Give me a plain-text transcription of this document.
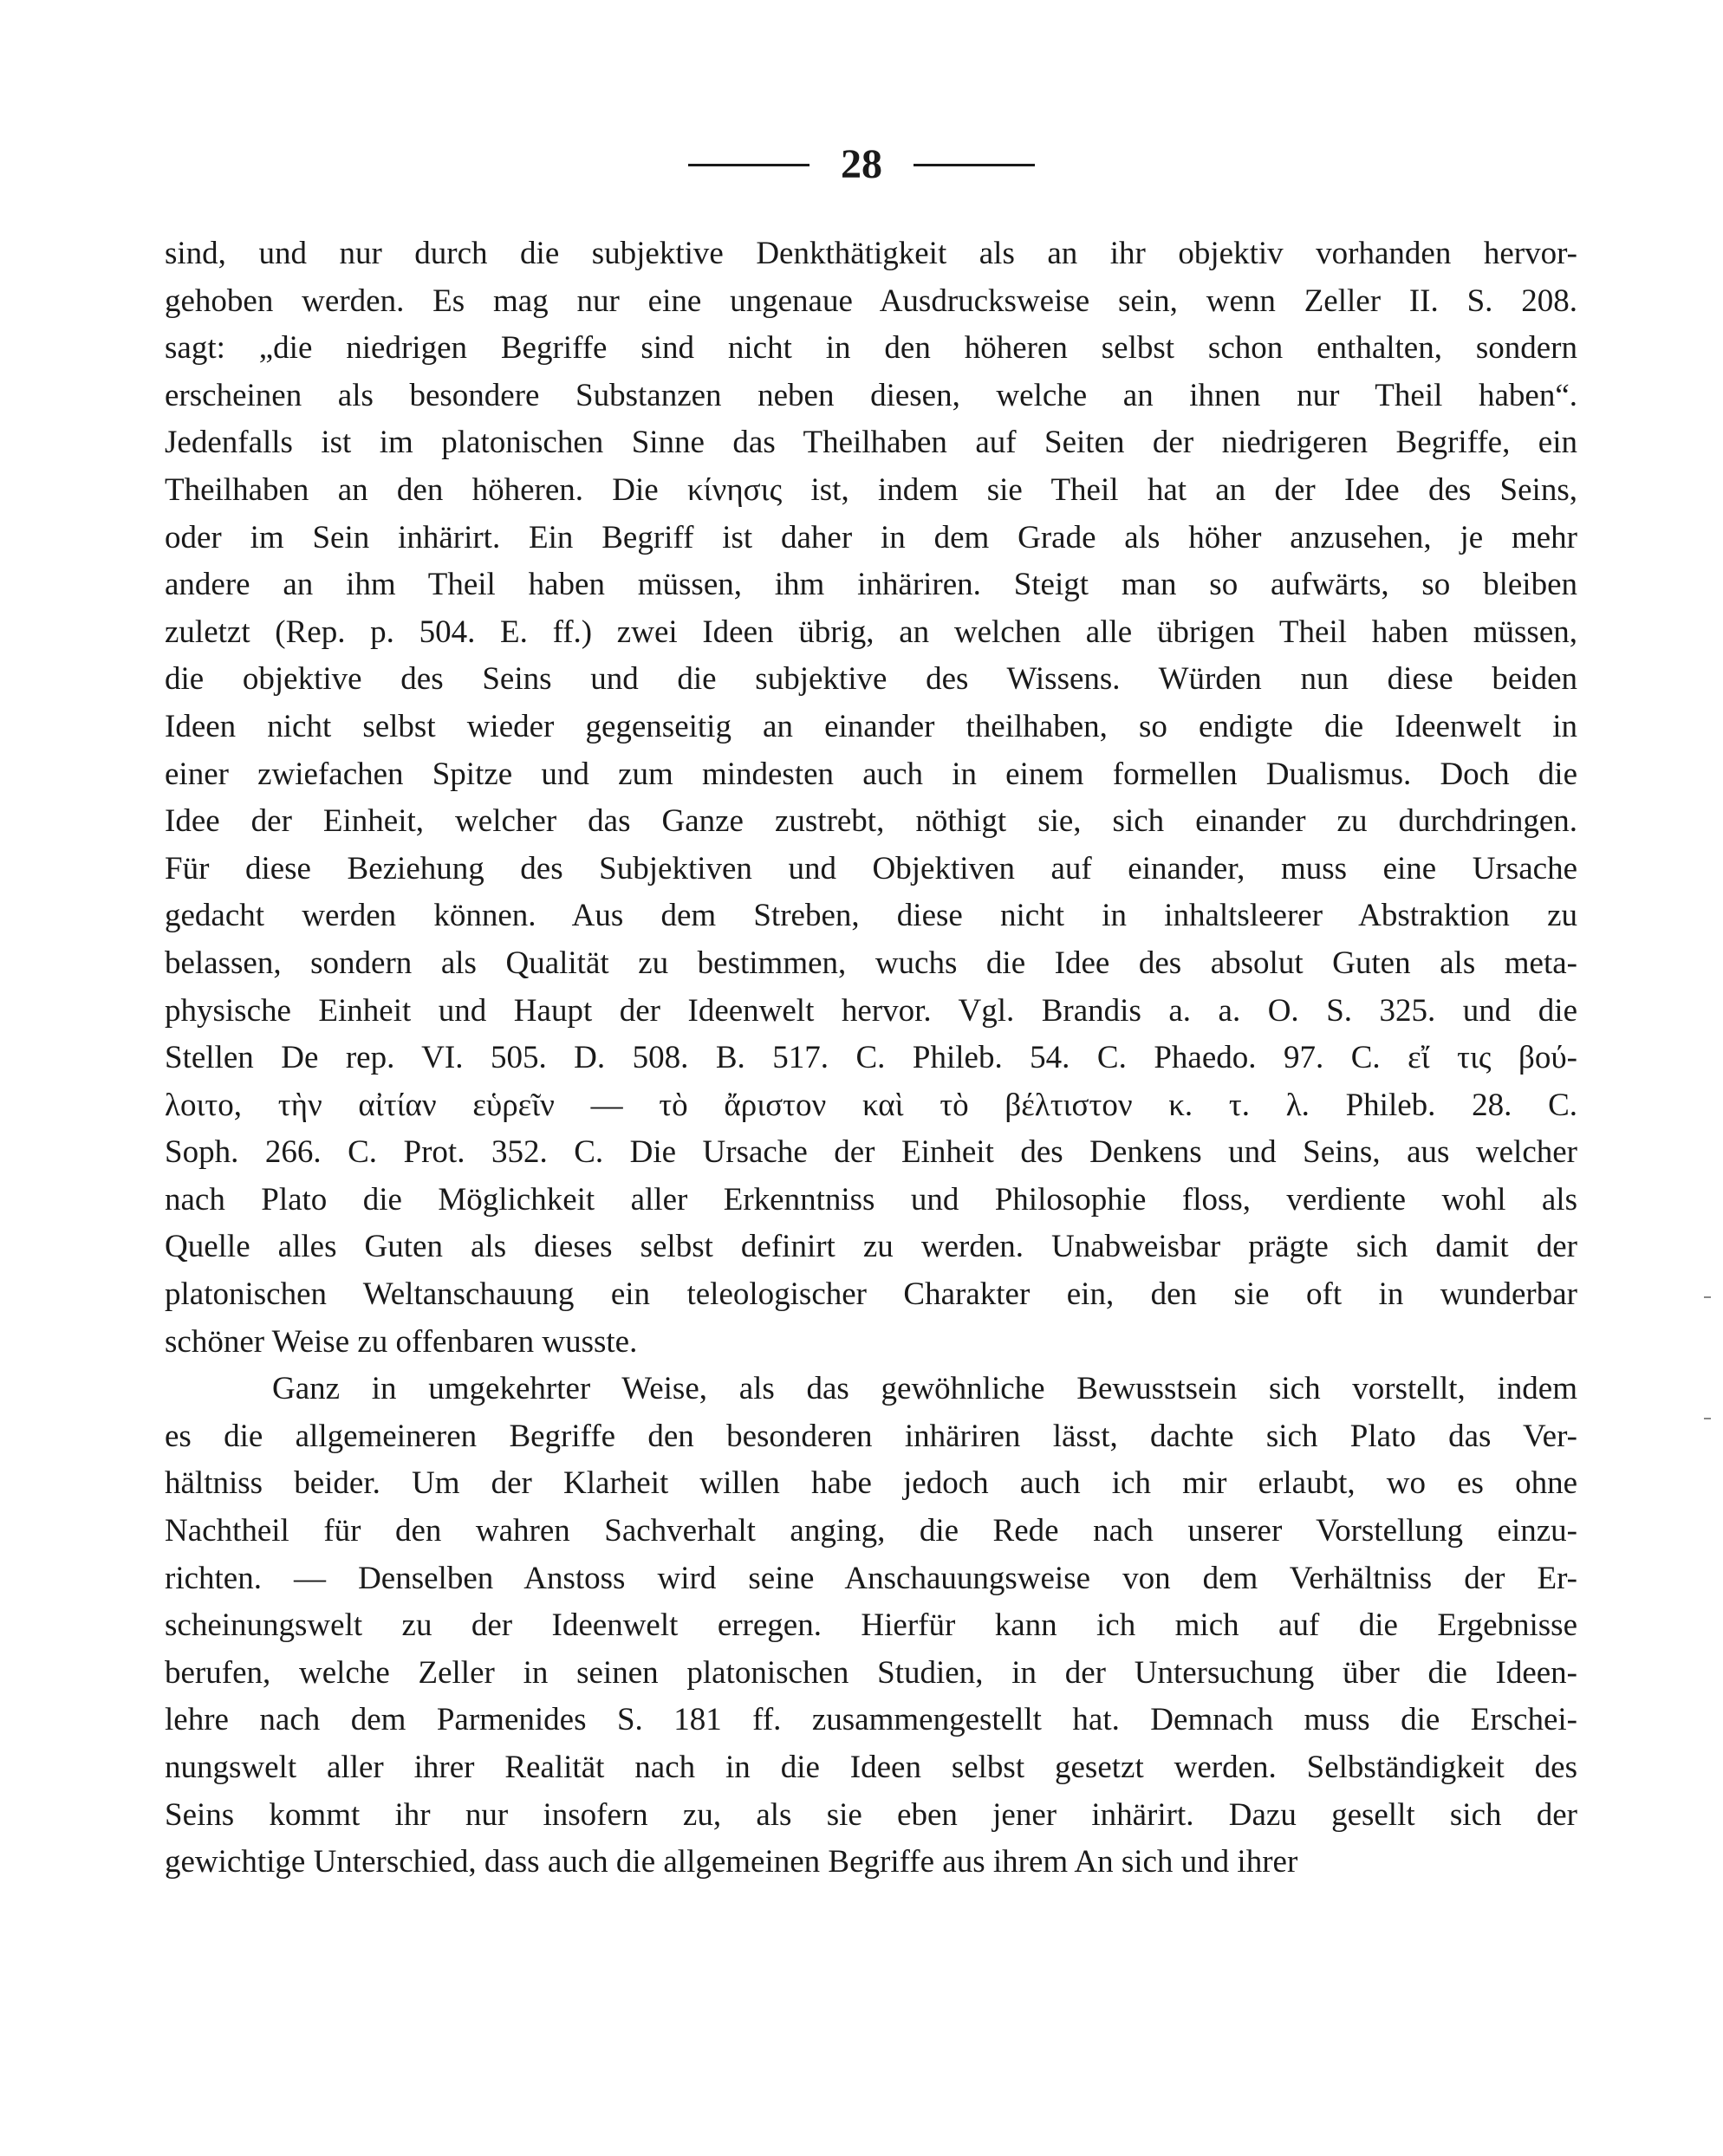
28
sind, und nur durch die subjektive Denkthätigkeit als an ihr objektiv vorhanden hervor-
gehoben werden. Es mag nur eine ungenaue Ausdrucksweise sein, wenn Zeller II. S. 208.
sagt: „die niedrigen Begriffe sind nicht in den höheren selbst schon enthalten, sondern
erscheinen als besondere Substanzen neben diesen, welche an ihnen nur Theil haben“.
Jedenfalls ist im platonischen Sinne das Theilhaben auf Seiten der niedrigeren Begriffe, ein
Theilhaben an den höheren. Die κίνησις ist, indem sie Theil hat an der Idee des Seins,
oder im Sein inhärirt. Ein Begriff ist daher in dem Grade als höher anzusehen, je mehr
andere an ihm Theil haben müssen, ihm inhäriren. Steigt man so aufwärts, so bleiben
zuletzt (Rep. p. 504. E. ff.) zwei Ideen übrig, an welchen alle übrigen Theil haben müssen,
die objektive des Seins und die subjektive des Wissens. Würden nun diese beiden
Ideen nicht selbst wieder gegenseitig an einander theilhaben, so endigte die Ideenwelt in
einer zwiefachen Spitze und zum mindesten auch in einem formellen Dualismus. Doch die
Idee der Einheit, welcher das Ganze zustrebt, nöthigt sie, sich einander zu durchdringen.
Für diese Beziehung des Subjektiven und Objektiven auf einander, muss eine Ursache
gedacht werden können. Aus dem Streben, diese nicht in inhaltsleerer Abstraktion zu
belassen, sondern als Qualität zu bestimmen, wuchs die Idee des absolut Guten als meta-
physische Einheit und Haupt der Ideenwelt hervor. Vgl. Brandis a. a. O. S. 325. und die
Stellen De rep. VI. 505. D. 508. B. 517. C. Phileb. 54. C. Phaedo. 97. C. εἴ τις βού-
λοιτο, τὴν αἰτίαν εὑρεῖν — τὸ ἄριστον καὶ τὸ βέλτιστον κ. τ. λ. Phileb. 28. C.
Soph. 266. C. Prot. 352. C. Die Ursache der Einheit des Denkens und Seins, aus welcher
nach Plato die Möglichkeit aller Erkenntniss und Philosophie floss, verdiente wohl als
Quelle alles Guten als dieses selbst definirt zu werden. Unabweisbar prägte sich damit der
platonischen Weltanschauung ein teleologischer Charakter ein, den sie oft in wunderbar
schöner Weise zu offenbaren wusste.
Ganz in umgekehrter Weise, als das gewöhnliche Bewusstsein sich vorstellt, indem
es die allgemeineren Begriffe den besonderen inhäriren lässt, dachte sich Plato das Ver-
hältniss beider. Um der Klarheit willen habe jedoch auch ich mir erlaubt, wo es ohne
Nachtheil für den wahren Sachverhalt anging, die Rede nach unserer Vorstellung einzu-
richten. — Denselben Anstoss wird seine Anschauungsweise von dem Verhältniss der Er-
scheinungswelt zu der Ideenwelt erregen. Hierfür kann ich mich auf die Ergebnisse
berufen, welche Zeller in seinen platonischen Studien, in der Untersuchung über die Ideen-
lehre nach dem Parmenides S. 181 ff. zusammengestellt hat. Demnach muss die Erschei-
nungswelt aller ihrer Realität nach in die Ideen selbst gesetzt werden. Selbständigkeit des
Seins kommt ihr nur insofern zu, als sie eben jener inhärirt. Dazu gesellt sich der
gewichtige Unterschied, dass auch die allgemeinen Begriffe aus ihrem An sich und ihrer
